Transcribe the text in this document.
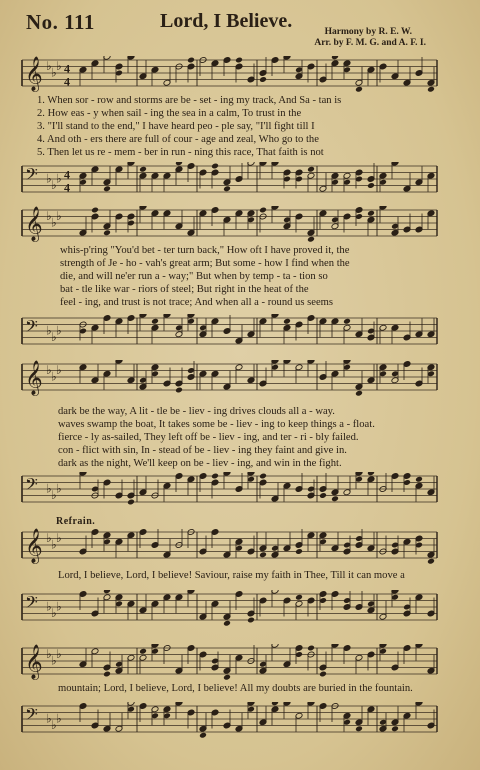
No. 111	Lord, I Believe.	Harmony by R. E. W.
Arr. by F. M. G. and A. F. I.
𝄞 ♭ ♭ ♭ 4
4
1. When sor - row and storms are be - set - ing my track, And Sa - tan is
2. How eas - y when sail - ing the sea in a calm, To trust in the
3. "I'll stand to the end," I have heard peo - ple say, "I'll fight till I
4. And oth - ers there are full of cour - age and zeal, Who go to the
5. Then let us re - mem - ber in run - ning this race, That faith is not
𝄢 ♭ ♭ ♭ 4
4
𝄞 ♭ ♭ ♭
whis-p'ring "You'd bet - ter turn back," How oft I have proved it, the
strength of Je - ho - vah's great arm; But some - how I find when the
die, and will ne'er run a - way;" But when by temp - ta - tion so
bat - tle like war - riors of steel; But right in the heat of the
feel - ing, and trust is not trace; And when all a - round us seems
𝄢 ♭ ♭ ♭
𝄞 ♭ ♭ ♭
dark be the way, A lit - tle be - liev - ing drives clouds all a - way.
waves swamp the boat, It takes some be - liev - ing to keep things a - float.
fierce - ly as-sailed, They left off be - liev - ing, and ter - ri - bly failed.
con - flict with sin, In - stead of be - liev - ing they faint and give in.
dark as the night, We'll keep on be - liev - ing, and win in the fight.
𝄢 ♭ ♭ ♭
Refrain.
𝄞 ♭ ♭ ♭
Lord, I believe, Lord, I believe! Saviour, raise my faith in Thee, Till it can move a
𝄢 ♭ ♭ ♭
𝄞 ♭ ♭ ♭
mountain; Lord, I believe, Lord, I believe! All my doubts are buried in the fountain.
𝄢 ♭ ♭ ♭
